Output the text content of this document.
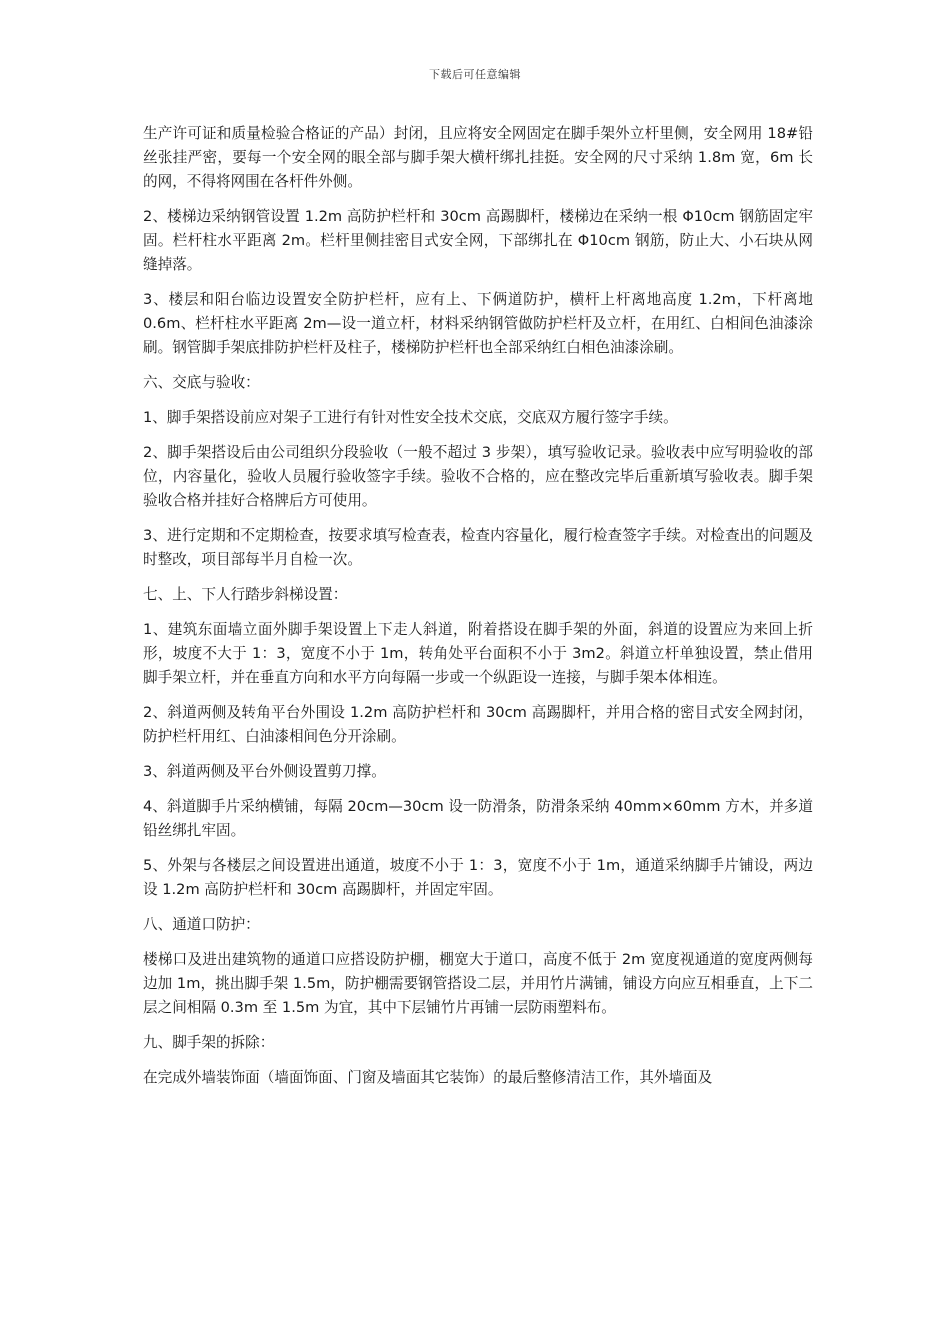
下载后可任意编辑

生产许可证和质量检验合格证的产品）封闭，且应将安全网固定在脚手架外立杆里侧，安全网用 18#铅丝张挂严密，要每一个安全网的眼全部与脚手架大横杆绑扎挂挺。安全网的尺寸采纳 1.8m 宽，6m 长的网，不得将网围在各杆件外侧。

2、楼梯边采纳钢管设置 1.2m 高防护栏杆和 30cm 高踢脚杆，楼梯边在采纳一根 Φ10cm 钢筋固定牢固。栏杆柱水平距离 2m。栏杆里侧挂密目式安全网，下部绑扎在 Φ10cm 钢筋，防止大、小石块从网缝掉落。

3、楼层和阳台临边设置安全防护栏杆，应有上、下俩道防护，横杆上杆离地高度 1.2m，下杆离地 0.6m、栏杆柱水平距离 2m—设一道立杆，材料采纳钢管做防护栏杆及立杆，在用红、白相间色油漆涂刷。钢管脚手架底排防护栏杆及柱子，楼梯防护栏杆也全部采纳红白相色油漆涂刷。

六、交底与验收：

1、脚手架搭设前应对架子工进行有针对性安全技术交底，交底双方履行签字手续。

2、脚手架搭设后由公司组织分段验收（一般不超过 3 步架），填写验收记录。验收表中应写明验收的部位，内容量化，验收人员履行验收签字手续。验收不合格的，应在整改完毕后重新填写验收表。脚手架验收合格并挂好合格牌后方可使用。

3、进行定期和不定期检查，按要求填写检查表，检查内容量化，履行检查签字手续。对检查出的问题及时整改，项目部每半月自检一次。

七、上、下人行踏步斜梯设置：

1、建筑东面墙立面外脚手架设置上下走人斜道，附着搭设在脚手架的外面，斜道的设置应为来回上折形，坡度不大于 1：3，宽度不小于 1m，转角处平台面积不小于 3m2。斜道立杆单独设置，禁止借用脚手架立杆，并在垂直方向和水平方向每隔一步或一个纵距设一连接，与脚手架本体相连。

2、斜道两侧及转角平台外围设 1.2m 高防护栏杆和 30cm 高踢脚杆，并用合格的密目式安全网封闭，防护栏杆用红、白油漆相间色分开涂刷。

3、斜道两侧及平台外侧设置剪刀撑。

4、斜道脚手片采纳横铺，每隔 20cm—30cm 设一防滑条，防滑条采纳 40mm×60mm 方木，并多道铅丝绑扎牢固。

5、外架与各楼层之间设置进出通道，坡度不小于 1：3，宽度不小于 1m，通道采纳脚手片铺设，两边设 1.2m 高防护栏杆和 30cm 高踢脚杆，并固定牢固。

八、通道口防护：

楼梯口及进出建筑物的通道口应搭设防护棚，棚宽大于道口，高度不低于 2m 宽度视通道的宽度两侧每边加 1m，挑出脚手架 1.5m，防护棚需要钢管搭设二层，并用竹片满铺，铺设方向应互相垂直，上下二层之间相隔 0.3m 至 1.5m 为宜，其中下层铺竹片再铺一层防雨塑料布。

九、脚手架的拆除：

在完成外墙装饰面（墙面饰面、门窗及墙面其它装饰）的最后整修清洁工作，其外墙面及
